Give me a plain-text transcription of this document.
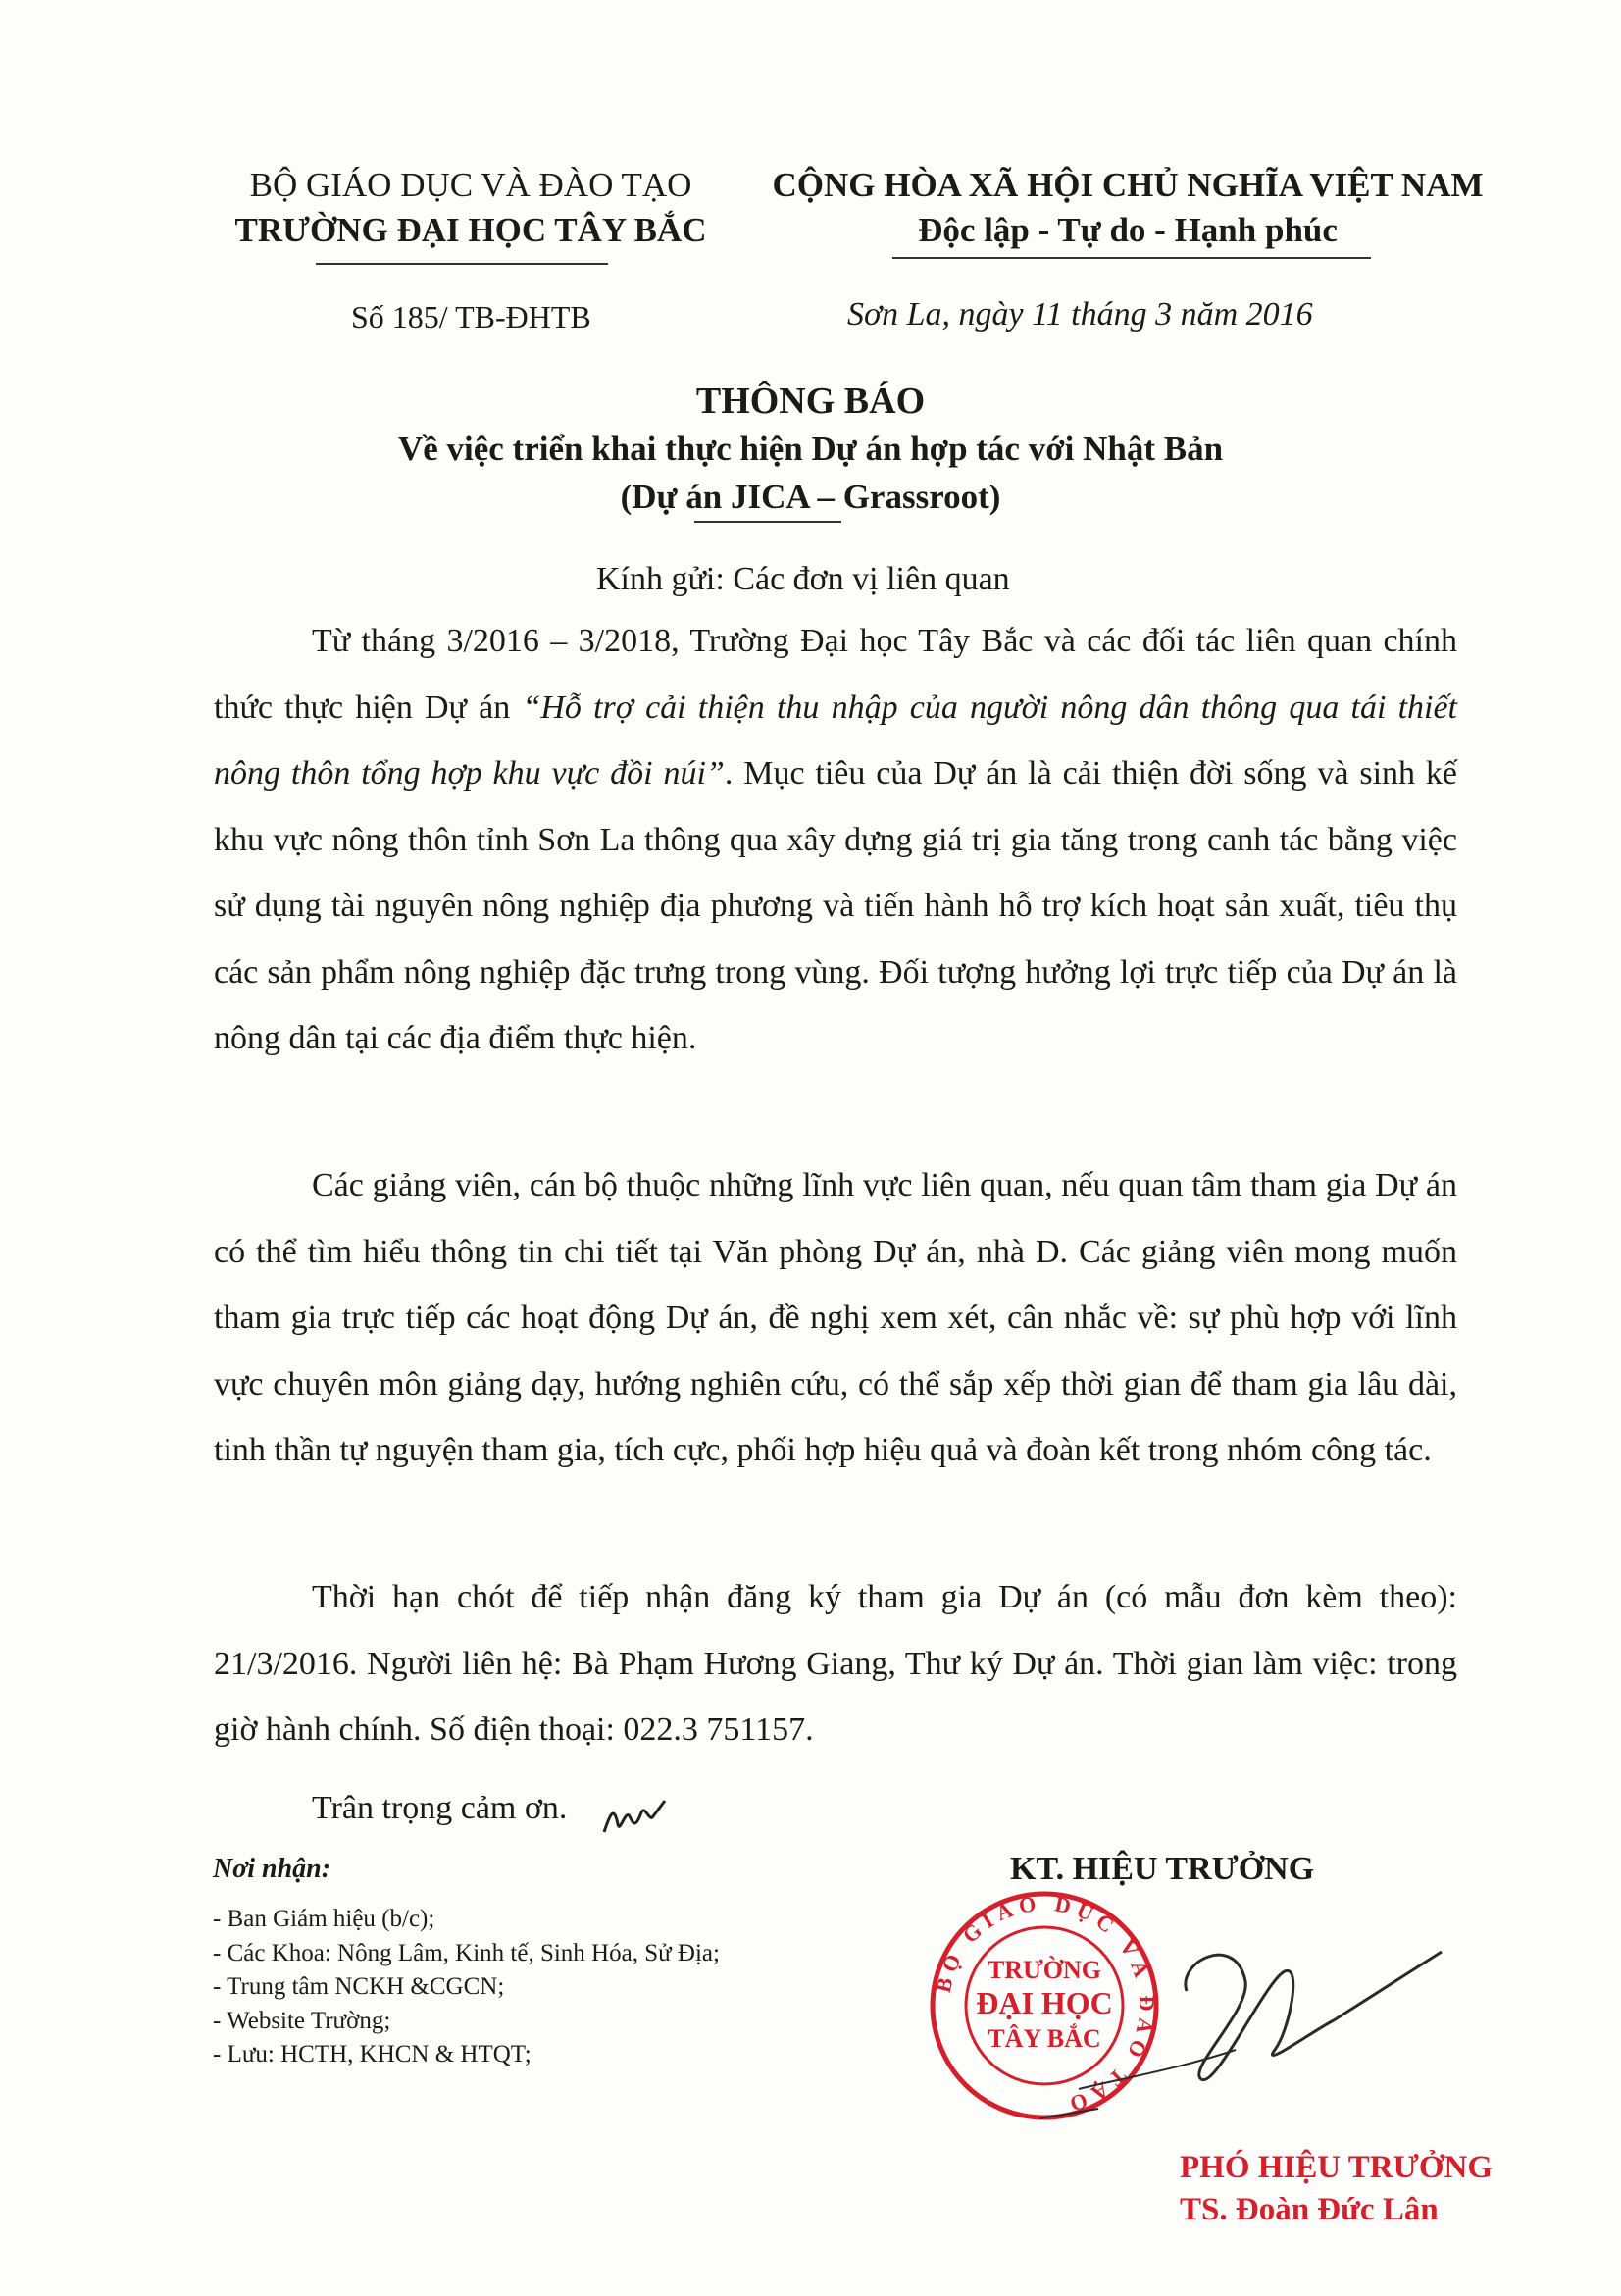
BỘ GIÁO DỤC VÀ ĐÀO TẠO
TRƯỜNG ĐẠI HỌC TÂY BẮC
CỘNG HÒA XÃ HỘI CHỦ NGHĨA VIỆT NAM
Độc lập - Tự do - Hạnh phúc
Số 185/ TB-ĐHTB	Sơn La, ngày 11 tháng 3 năm 2016
THÔNG BÁO
Về việc triển khai thực hiện Dự án hợp tác với Nhật Bản
(Dự án JICA – Grassroot)
Kính gửi: Các đơn vị liên quan
Từ tháng 3/2016 – 3/2018, Trường Đại học Tây Bắc và các đối tác liên quan chính thức thực hiện Dự án “Hỗ trợ cải thiện thu nhập của người nông dân thông qua tái thiết nông thôn tổng hợp khu vực đồi núi”. Mục tiêu của Dự án là cải thiện đời sống và sinh kế khu vực nông thôn tỉnh Sơn La thông qua xây dựng giá trị gia tăng trong canh tác bằng việc sử dụng tài nguyên nông nghiệp địa phương và tiến hành hỗ trợ kích hoạt sản xuất, tiêu thụ các sản phẩm nông nghiệp đặc trưng trong vùng. Đối tượng hưởng lợi trực tiếp của Dự án là nông dân tại các địa điểm thực hiện.
Các giảng viên, cán bộ thuộc những lĩnh vực liên quan, nếu quan tâm tham gia Dự án có thể tìm hiểu thông tin chi tiết tại Văn phòng Dự án, nhà D. Các giảng viên mong muốn tham gia trực tiếp các hoạt động Dự án, đề nghị xem xét, cân nhắc về: sự phù hợp với lĩnh vực chuyên môn giảng dạy, hướng nghiên cứu, có thể sắp xếp thời gian để tham gia lâu dài, tinh thần tự nguyện tham gia, tích cực, phối hợp hiệu quả và đoàn kết trong nhóm công tác.
Thời hạn chót để tiếp nhận đăng ký tham gia Dự án (có mẫu đơn kèm theo): 21/3/2016. Người liên hệ: Bà Phạm Hương Giang, Thư ký Dự án. Thời gian làm việc: trong giờ hành chính. Số điện thoại: 022.3 751157.
Trân trọng cảm ơn.
Nơi nhận:
- Ban Giám hiệu (b/c);
- Các Khoa: Nông Lâm, Kinh tế, Sinh Hóa, Sử Địa;
- Trung tâm NCKH &CGCN;
- Website Trường;
- Lưu: HCTH, KHCN & HTQT;
KT. HIỆU TRƯỞNG
BỘ GIÁO DỤC VÀ ĐÀO TẠO
TRƯỜNG
ĐẠI HỌC
TÂY BẮC
PHÓ HIỆU TRƯỞNG
TS. Đoàn Đức Lân
